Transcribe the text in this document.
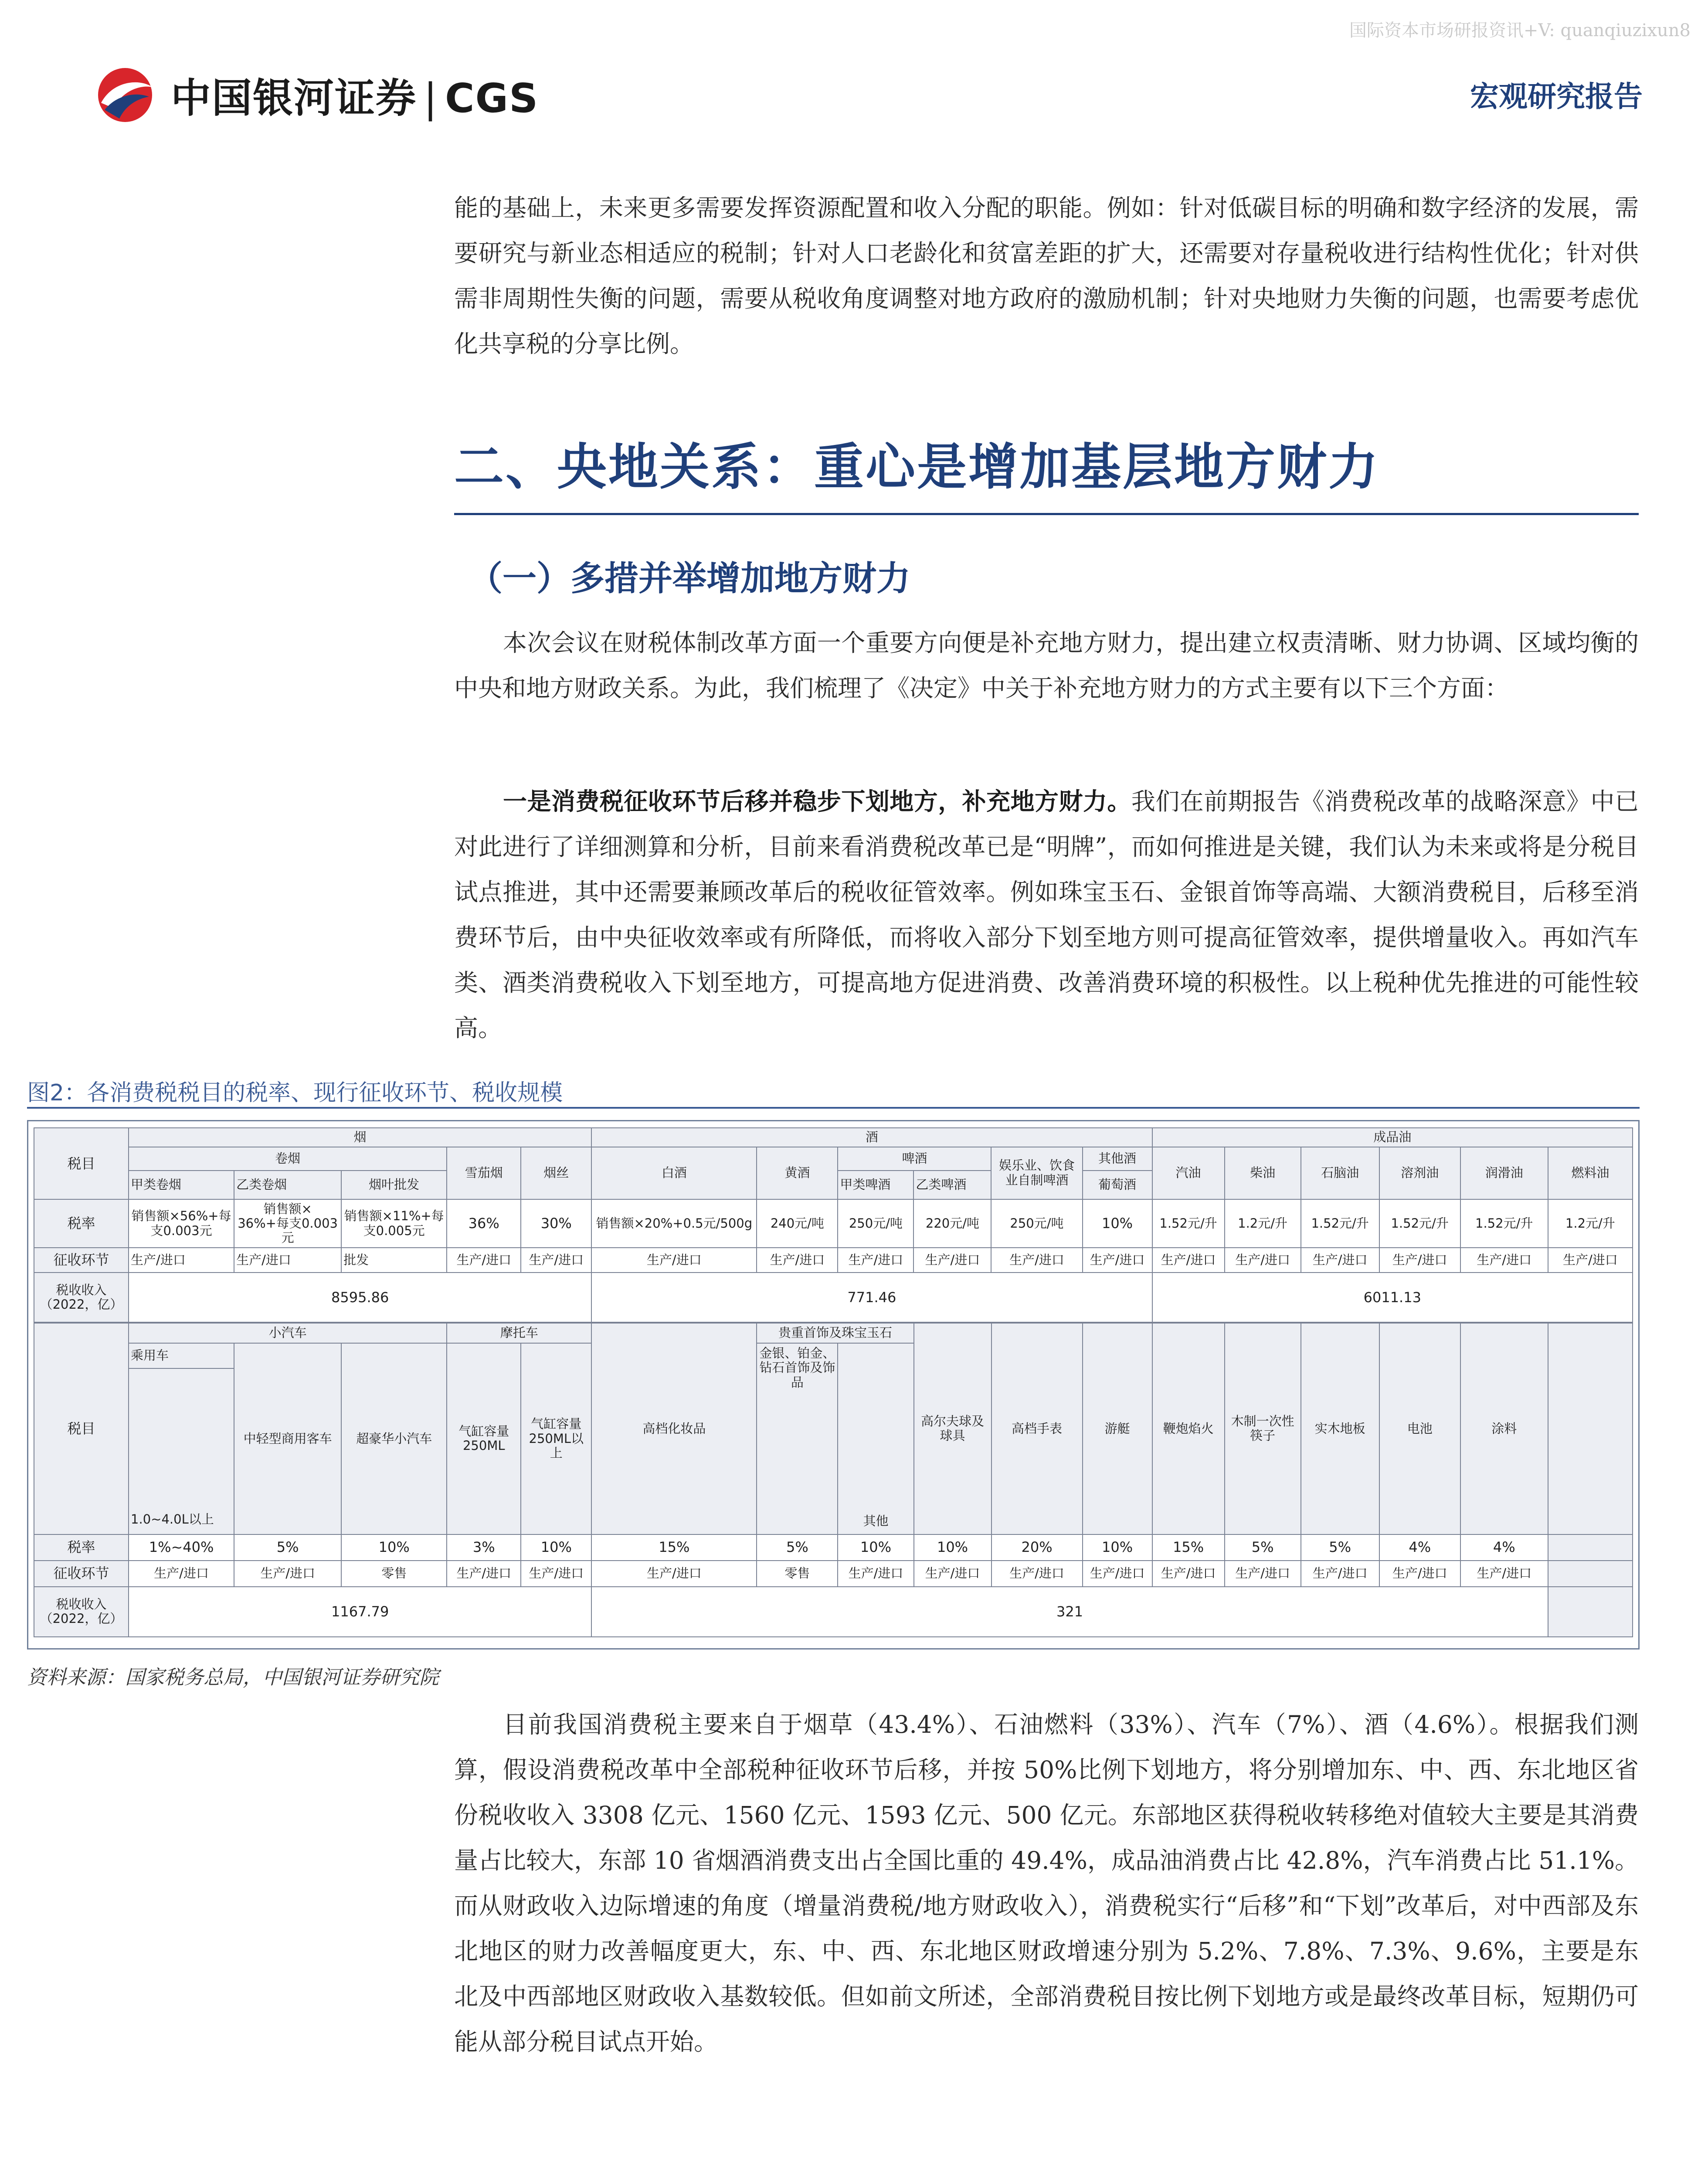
国际资本市场研报资讯+V: quanqiuzixun8
中国银河证券 | CGS	宏观研究报告
能的基础上，未来更多需要发挥资源配置和收入分配的职能。例如：针对低碳目标的明确和数字经济的发展，需要研究与新业态相适应的税制；针对人口老龄化和贫富差距的扩大，还需要对存量税收进行结构性优化；针对供需非周期性失衡的问题，需要从税收角度调整对地方政府的激励机制；针对央地财力失衡的问题，也需要考虑优化共享税的分享比例。
二、央地关系：重心是增加基层地方财力
（一）多措并举增加地方财力
本次会议在财税体制改革方面一个重要方向便是补充地方财力，提出建立权责清晰、财力协调、区域均衡的中央和地方财政关系。为此，我们梳理了《决定》中关于补充地方财力的方式主要有以下三个方面：
一是消费税征收环节后移并稳步下划地方，补充地方财力。我们在前期报告《消费税改革的战略深意》中已对此进行了详细测算和分析，目前来看消费税改革已是“明牌”，而如何推进是关键，我们认为未来或将是分税目试点推进，其中还需要兼顾改革后的税收征管效率。例如珠宝玉石、金银首饰等高端、大额消费税目，后移至消费环节后，由中央征收效率或有所降低，而将收入部分下划至地方则可提高征管效率，提供增量收入。再如汽车类、酒类消费税收入下划至地方，可提高地方促进消费、改善消费环境的积极性。以上税种优先推进的可能性较高。
图2：各消费税税目的税率、现行征收环节、税收规模
税目	烟					酒						成品油					
	卷烟			雪茄烟	烟丝	白酒	黄酒	啤酒		娱乐业、饮食业自制啤酒	其他酒	汽油	柴油	石脑油	溶剂油	润滑油	燃料油
	甲类卷烟	乙类卷烟	烟叶批发					甲类啤酒	乙类啤酒		葡萄酒						
税率	销售额×56%+每支0.003元	销售额× 36%+每支0.003元	销售额×11%+每支0.005元	36%	30%	销售额×20%+0.5元/500g	240元/吨	250元/吨	220元/吨	250元/吨	10%	1.52元/升	1.2元/升	1.52元/升	1.52元/升	1.52元/升	1.2元/升
征收环节	生产/进口	生产/进口	批发	生产/进口	生产/进口	生产/进口	生产/进口	生产/进口	生产/进口	生产/进口	生产/进口	生产/进口	生产/进口	生产/进口	生产/进口	生产/进口	生产/进口
税收收入
（2022，亿）	8595.86					771.46						6011.13					
税目	小汽车			摩托车		高档化妆品	贵重首饰及珠宝玉石		高尔夫球及球具	高档手表	游艇	鞭炮焰火	木制一次性筷子	实木地板	电池	涂料	
	乘用车	中轻型商用客车	超豪华小汽车	气缸容量250ML	气缸容量250ML以上		金银、铂金、钻石首饰及饰品	其他									
	1.0~4.0L以上																
税率	1%~40%	5%	10%	3%	10%	15%	5%	10%	10%	20%	10%	15%	5%	5%	4%	4%	
征收环节	生产/进口	生产/进口	零售	生产/进口	生产/进口	生产/进口	零售	生产/进口	生产/进口	生产/进口	生产/进口	生产/进口	生产/进口	生产/进口	生产/进口	生产/进口	
税收收入
（2022，亿）	1167.79					321											
资料来源：国家税务总局，中国银河证券研究院
目前我国消费税主要来自于烟草（43.4%）、石油燃料（33%）、汽车（7%）、酒（4.6%）。根据我们测算，假设消费税改革中全部税种征收环节后移，并按 50%比例下划地方，将分别增加东、中、西、东北地区省份税收收入 3308 亿元、1560 亿元、1593 亿元、500 亿元。东部地区获得税收转移绝对值较大主要是其消费量占比较大，东部 10 省烟酒消费支出占全国比重的 49.4%，成品油消费占比 42.8%，汽车消费占比 51.1%。而从财政收入边际增速的角度（增量消费税/地方财政收入），消费税实行“后移”和“下划”改革后，对中西部及东北地区的财力改善幅度更大，东、中、西、东北地区财政增速分别为 5.2%、7.8%、7.3%、9.6%，主要是东北及中西部地区财政收入基数较低。但如前文所述，全部消费税目按比例下划地方或是最终改革目标，短期仍可能从部分税目试点开始。
